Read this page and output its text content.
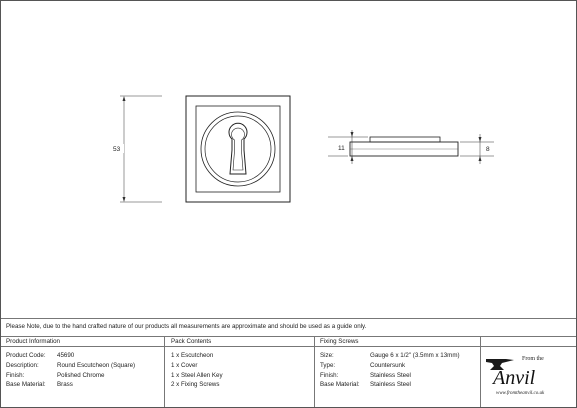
53	11	8
Please Note, due to the hand crafted nature of our products all measurements are approximate and should be used as a guide only.
Product Information
Product Code: 45690
Description:	Round Escutcheon (Square)
Finish:	Polished Chrome
Base Material: Brass
Pack Contents
1 x Escutcheon
1 x Cover
1 x Steel Allen Key
2 x Fixing Screws
Fixing Screws
Size:	Gauge 6 x 1/2" (3.5mm x 13mm)
Type:	Countersunk
Finish:	Stainless Steel
Base Material: Stainless Steel
From the
Anvil
www.fromtheanvil.co.uk
